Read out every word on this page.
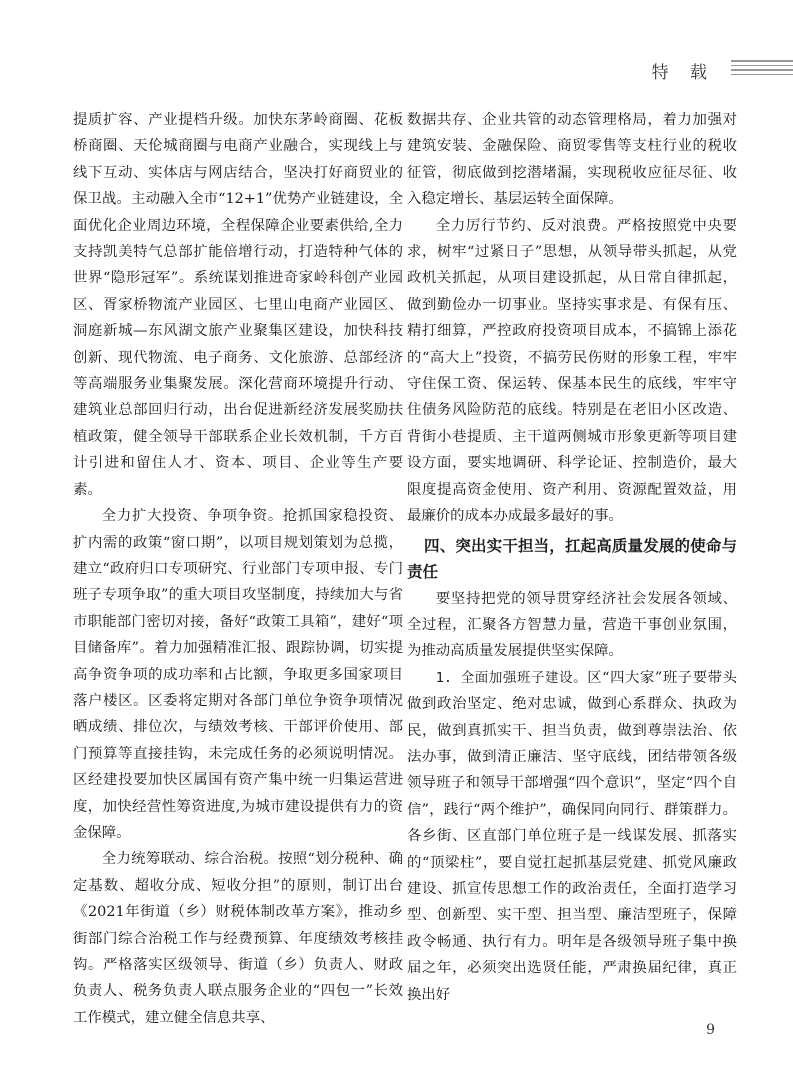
特 载

提质扩容、产业提档升级。加快东茅岭商圈、花板桥商圈、天伦城商圈与电商产业融合，实现线上与线下互动、实体店与网店结合，坚决打好商贸业的保卫战。主动融入全市“12+1”优势产业链建设，全面优化企业周边环境，全程保障企业要素供给,全力支持凯美特气总部扩能倍增行动，打造特种气体的世界“隐形冠军”。系统谋划推进奇家岭科创产业园区、胥家桥物流产业园区、七里山电商产业园区、洞庭新城—东风湖文旅产业聚集区建设，加快科技创新、现代物流、电子商务、文化旅游、总部经济等高端服务业集聚发展。深化营商环境提升行动、建筑业总部回归行动，出台促进新经济发展奖励扶植政策，健全领导干部联系企业长效机制，千方百计引进和留住人才、资本、项目、企业等生产要素。

全力扩大投资、争项争资。抢抓国家稳投资、扩内需的政策“窗口期”，以项目规划策划为总揽，建立“政府归口专项研究、行业部门专项申报、专门班子专项争取”的重大项目攻坚制度，持续加大与省市职能部门密切对接，备好“政策工具箱”，建好“项目储备库”。着力加强精准汇报、跟踪协调，切实提高争资争项的成功率和占比额，争取更多国家项目落户楼区。区委将定期对各部门单位争资争项情况晒成绩、排位次，与绩效考核、干部评价使用、部门预算等直接挂钩，未完成任务的必须说明情况。区经建投要加快区属国有资产集中统一归集运营进度，加快经营性筹资进度,为城市建设提供有力的资金保障。

全力统筹联动、综合治税。按照“划分税种、确定基数、超收分成、短收分担”的原则，制订出台《2021年街道（乡）财税体制改革方案》，推动乡街部门综合治税工作与经费预算、年度绩效考核挂钩。严格落实区级领导、街道（乡）负责人、财政负责人、税务负责人联点服务企业的“四包一”长效工作模式，建立健全信息共享、

数据共存、企业共管的动态管理格局，着力加强对建筑安装、金融保险、商贸零售等支柱行业的税收征管，彻底做到挖潜堵漏，实现税收应征尽征、收入稳定增长、基层运转全面保障。

全力厉行节约、反对浪费。严格按照党中央要求，树牢“过紧日子”思想，从领导带头抓起，从党政机关抓起，从项目建设抓起，从日常自律抓起，做到勤俭办一切事业。坚持实事求是、有保有压、精打细算，严控政府投资项目成本，不搞锦上添花的“高大上”投资，不搞劳民伤财的形象工程，牢牢守住保工资、保运转、保基本民生的底线，牢牢守住债务风险防范的底线。特别是在老旧小区改造、背街小巷提质、主干道两侧城市形象更新等项目建设方面，要实地调研、科学论证、控制造价，最大限度提高资金使用、资产利用、资源配置效益，用最廉价的成本办成最多最好的事。

四、突出实干担当，扛起高质量发展的使命与责任

要坚持把党的领导贯穿经济社会发展各领域、全过程，汇聚各方智慧力量，营造干事创业氛围，为推动高质量发展提供坚实保障。

1. 全面加强班子建设。区“四大家”班子要带头做到政治坚定、绝对忠诚，做到心系群众、执政为民，做到真抓实干、担当负责，做到尊崇法治、依法办事，做到清正廉洁、坚守底线，团结带领各级领导班子和领导干部增强“四个意识”，坚定“四个自信”，践行“两个维护”，确保同向同行、群策群力。各乡街、区直部门单位班子是一线谋发展、抓落实的“顶梁柱”，要自觉扛起抓基层党建、抓党风廉政建设、抓宣传思想工作的政治责任，全面打造学习型、创新型、实干型、担当型、廉洁型班子，保障政令畅通、执行有力。明年是各级领导班子集中换届之年，必须突出选贤任能，严肃换届纪律，真正换出好

9
